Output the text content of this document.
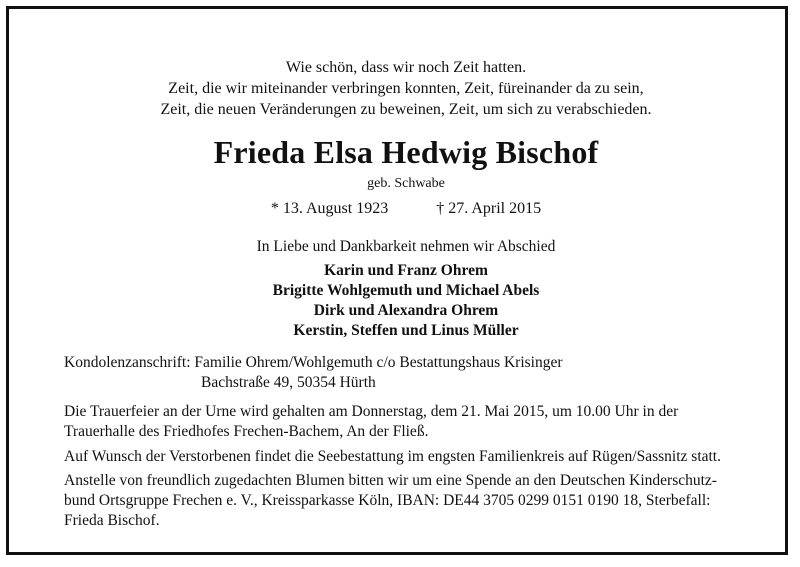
Wie schön, dass wir noch Zeit hatten.
Zeit, die wir miteinander verbringen konnten, Zeit, füreinander da zu sein,
Zeit, die neuen Veränderungen zu beweinen, Zeit, um sich zu verabschieden.
Frieda Elsa Hedwig Bischof
geb. Schwabe
* 13. August 1923	† 27. April 2015
In Liebe und Dankbarkeit nehmen wir Abschied
Karin und Franz Ohrem
Brigitte Wohlgemuth und Michael Abels
Dirk und Alexandra Ohrem
Kerstin, Steffen und Linus Müller
Kondolenzanschrift: Familie Ohrem/Wohlgemuth c/o Bestattungshaus Krisinger
Bachstraße 49, 50354 Hürth
Die Trauerfeier an der Urne wird gehalten am Donnerstag, dem 21. Mai 2015, um 10.00 Uhr in der
Trauerhalle des Friedhofes Frechen-Bachem, An der Fließ.
Auf Wunsch der Verstorbenen findet die Seebestattung im engsten Familienkreis auf Rügen/Sassnitz statt.
Anstelle von freundlich zugedachten Blumen bitten wir um eine Spende an den Deutschen Kinderschutz-
bund Ortsgruppe Frechen e. V., Kreissparkasse Köln, IBAN: DE44 3705 0299 0151 0190 18, Sterbefall:
Frieda Bischof.
